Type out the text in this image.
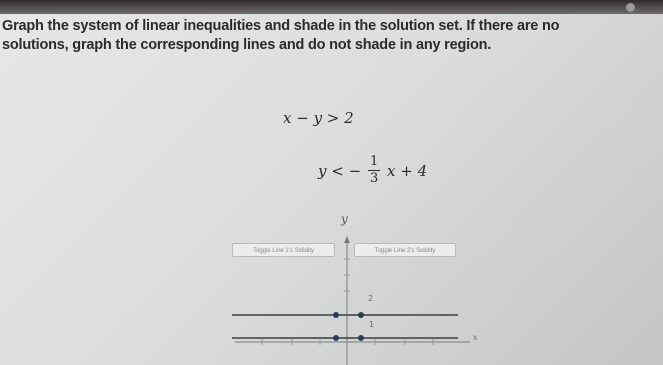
Graph the system of linear inequalities and shade in the solution set. If there are no
solutions, graph the corresponding lines and do not shade in any region.
x − y > 2
y < − $\frac{1}{3}$ x + 4
y
Toggle Line 1's Solidity	Toggle Line 2's Solidity
2
1
x
